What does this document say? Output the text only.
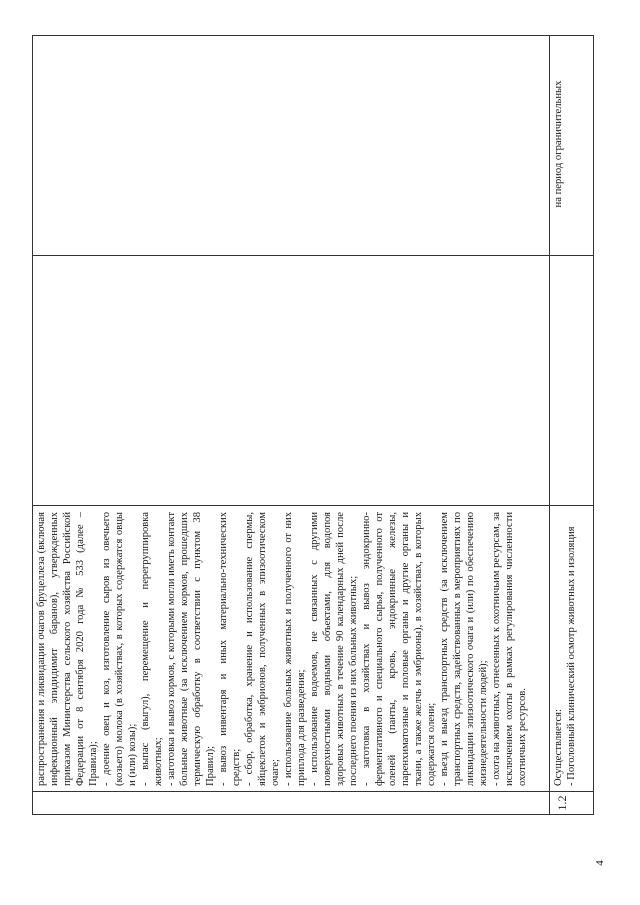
распространения и ликвидации очагов бруцеллеза (включая инфекционный эпидидимит баранов), утвержденных приказом Министерства сельского хозяйства Российской Федерации от 8 сентября 2020 года № 533 (далее – Правила); - доение овец и коз, изготовление сыров из овечьего (козьего) молока (в хозяйствах, в которых содержатся овцы и (или) козы); - выпас (выгул), перемещение и перегруппировка животных; - заготовка и вывоз кормов, с которыми могли иметь контакт больные животные (за исключением кормов, прошедших термическую обработку в соответствии с пунктом 38 Правил); - вывоз инвентаря и иных материально-технических средств; - сбор, обработка, хранение и использование спермы, яйцеклеток и эмбрионов, полученных в эпизоотическом очаге; - использование больных животных и полученного от них приплода для разведения; - использование водоемов, не связанных с другими поверхностными водными объектами, для водопоя здоровых животных в течение 90 календарных дней после последнего поения из них больных животных; - заготовка в хозяйствах и вывоз эндокринно-ферментативного и специального сырья, полученного от оленей (панты, кровь, эндокринные железы, паренхиматозные и половые органы и другие органы и ткани, а также желчь и эмбрионы), в хозяйствах, в которых содержатся олени; - въезд и выезд транспортных средств (за исключением транспортных средств, задействованных в мероприятиях по ликвидации эпизоотического очага и (или) по обеспечению жизнедеятельности людей); - охота на животных, отнесенных к охотничьим ресурсам, за исключением охоты в рамках регулирования численности охотничьих ресурсов.

1.2

Осуществляется: - Поголовный клинический осмотр животных и изоляция

на период ограничительных
4
